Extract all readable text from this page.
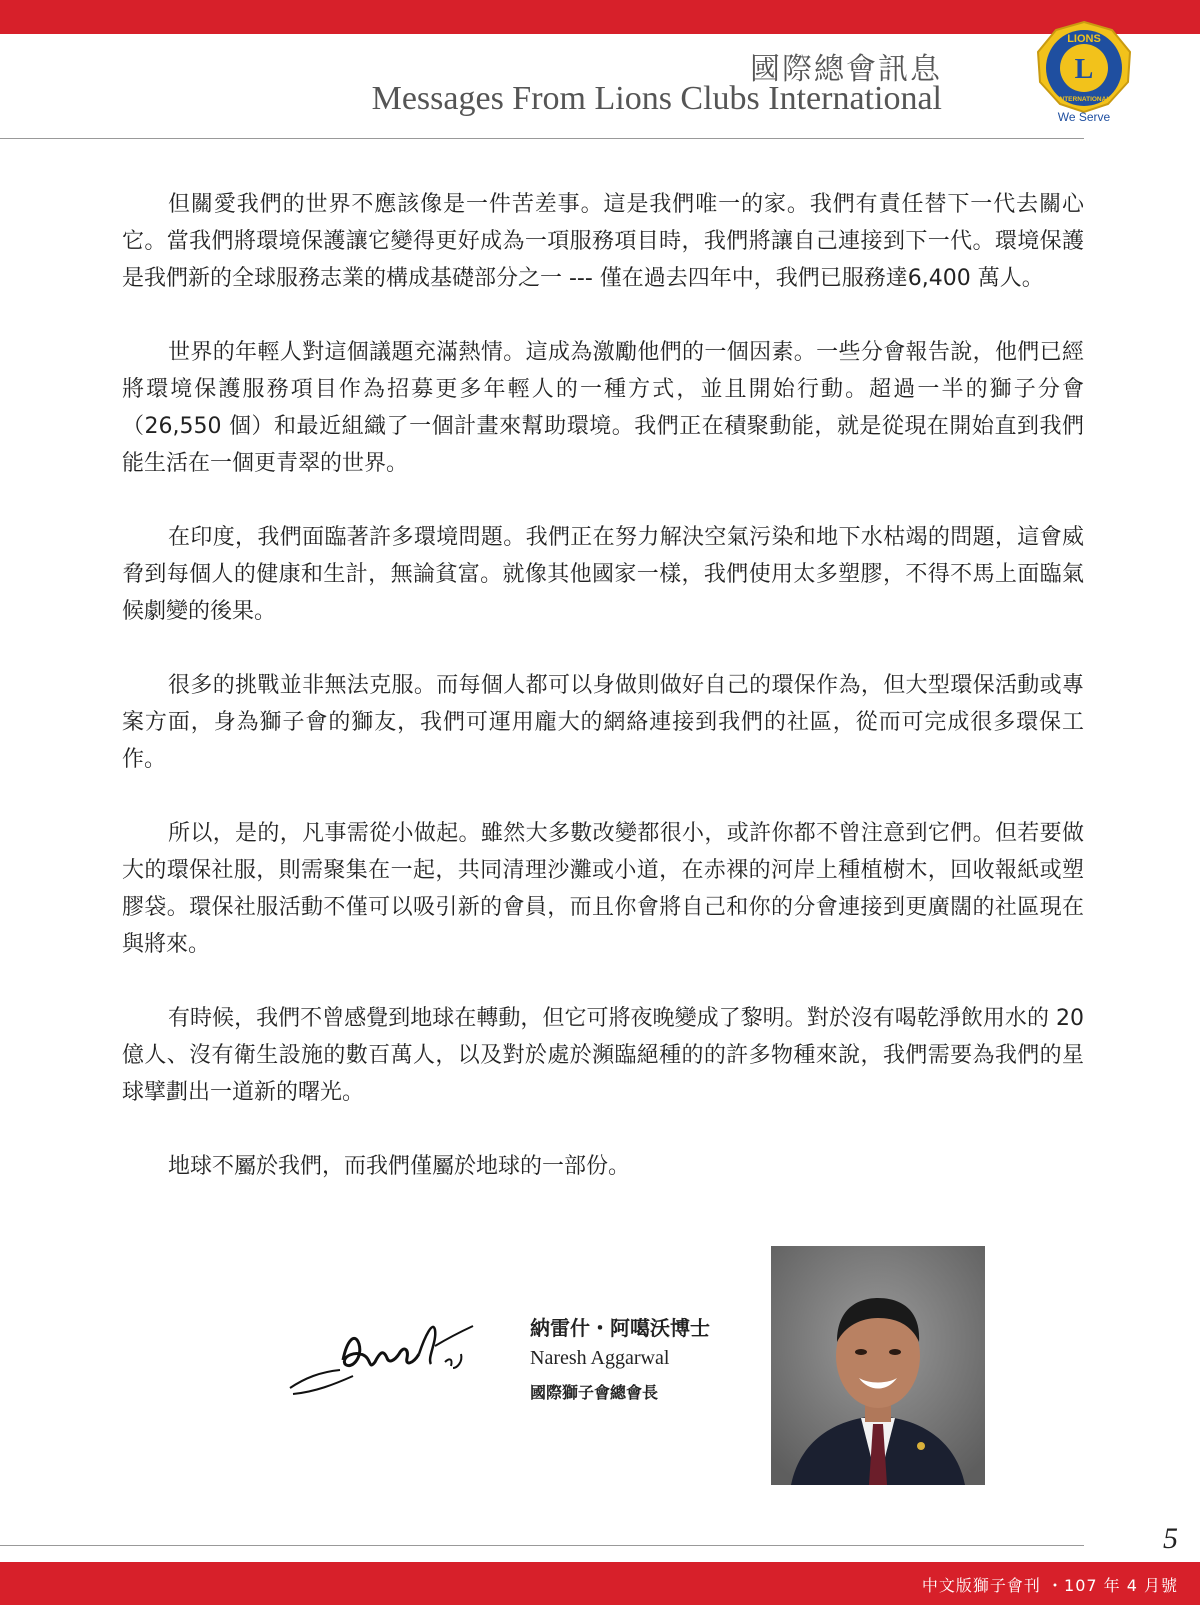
國際總會訊息
Messages From Lions Clubs International
LIONS
INTERNATIONAL
L
We Serve

但關愛我們的世界不應該像是一件苦差事。這是我們唯一的家。我們有責任替下一代去關心它。當我們將環境保護讓它變得更好成為一項服務項目時，我們將讓自己連接到下一代。環境保護是我們新的全球服務志業的構成基礎部分之一 --- 僅在過去四年中，我們已服務達6,400 萬人。

世界的年輕人對這個議題充滿熱情。這成為激勵他們的一個因素。一些分會報告說，他們已經將環境保護服務項目作為招募更多年輕人的一種方式，並且開始行動。超過一半的獅子分會（26,550 個）和最近組織了一個計畫來幫助環境。我們正在積聚動能，就是從現在開始直到我們能生活在一個更青翠的世界。

在印度，我們面臨著許多環境問題。我們正在努力解決空氣污染和地下水枯竭的問題，這會威脅到每個人的健康和生計，無論貧富。就像其他國家一樣，我們使用太多塑膠，不得不馬上面臨氣候劇變的後果。

很多的挑戰並非無法克服。而每個人都可以身做則做好自己的環保作為，但大型環保活動或專案方面，身為獅子會的獅友，我們可運用龐大的網絡連接到我們的社區，從而可完成很多環保工作。

所以，是的，凡事需從小做起。雖然大多數改變都很小，或許你都不曾注意到它們。但若要做大的環保社服，則需聚集在一起，共同清理沙灘或小道，在赤裸的河岸上種植樹木，回收報紙或塑膠袋。環保社服活動不僅可以吸引新的會員，而且你會將自己和你的分會連接到更廣闊的社區現在與將來。

有時候，我們不曾感覺到地球在轉動，但它可將夜晚變成了黎明。對於沒有喝乾淨飲用水的 20 億人、沒有衛生設施的數百萬人，以及對於處於瀕臨絕種的的許多物種來說，我們需要為我們的星球擘劃出一道新的曙光。

地球不屬於我們，而我們僅屬於地球的一部份。

納雷什・阿噶沃博士
Naresh Aggarwal
國際獅子會總會長
5
中文版獅子會刊 ・107 年 4 月號
